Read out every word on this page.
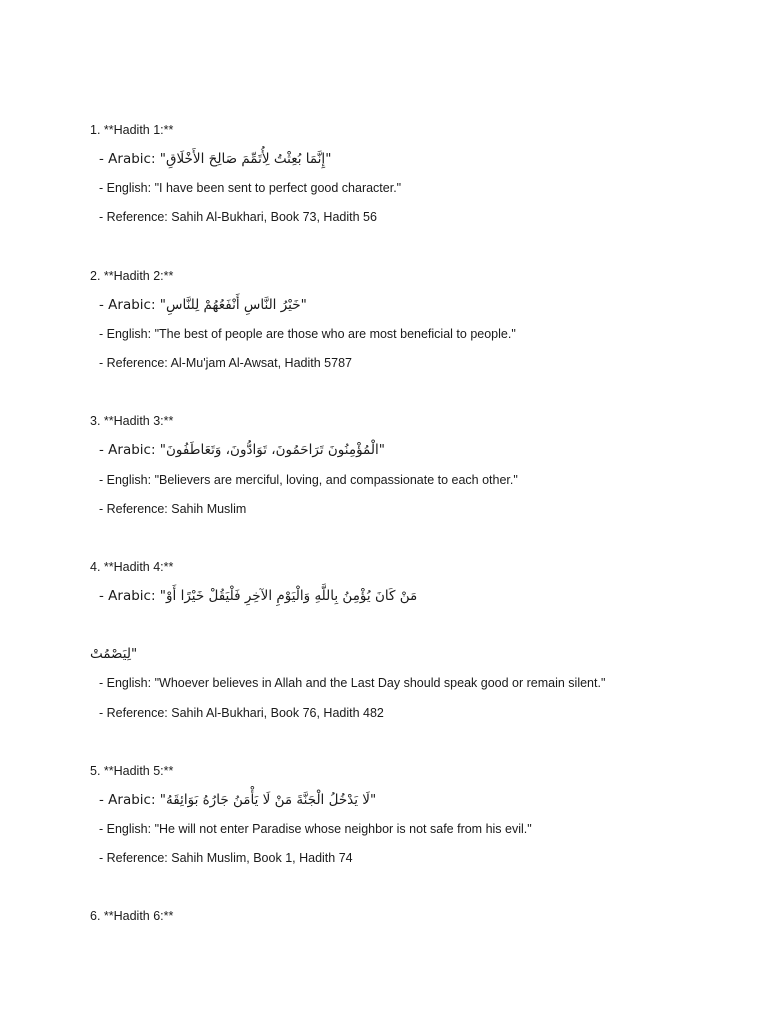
1. **Hadith 1:**
- Arabic: "إِنَّمَا بُعِثْتُ لِأُتَمِّمَ صَالِحَ الأَخْلَاقِ"
- English: "I have been sent to perfect good character."
- Reference: Sahih Al-Bukhari, Book 73, Hadith 56
2. **Hadith 2:**
- Arabic: "خَيْرُ النَّاسِ أَنْفَعُهُمْ لِلنَّاسِ"
- English: "The best of people are those who are most beneficial to people."
- Reference: Al-Mu'jam Al-Awsat, Hadith 5787
3. **Hadith 3:**
- Arabic: "الْمُؤْمِنُونَ تَرَاحَمُونَ، تَوَادُّونَ، وَتَعَاطَفُونَ"
- English: "Believers are merciful, loving, and compassionate to each other."
- Reference: Sahih Muslim
4. **Hadith 4:**
- Arabic: "مَنْ كَانَ يُؤْمِنُ بِاللَّهِ وَالْيَوْمِ الآخِرِ فَلْيَقُلْ خَيْرًا أَوْ
لِيَصْمُتْ"
- English: "Whoever believes in Allah and the Last Day should speak good or remain silent."
- Reference: Sahih Al-Bukhari, Book 76, Hadith 482
5. **Hadith 5:**
- Arabic: "لَا يَدْخُلُ الْجَنَّةَ مَنْ لَا يَأْمَنُ جَارُهُ بَوَائِقَهُ"
- English: "He will not enter Paradise whose neighbor is not safe from his evil."
- Reference: Sahih Muslim, Book 1, Hadith 74
6. **Hadith 6:**
